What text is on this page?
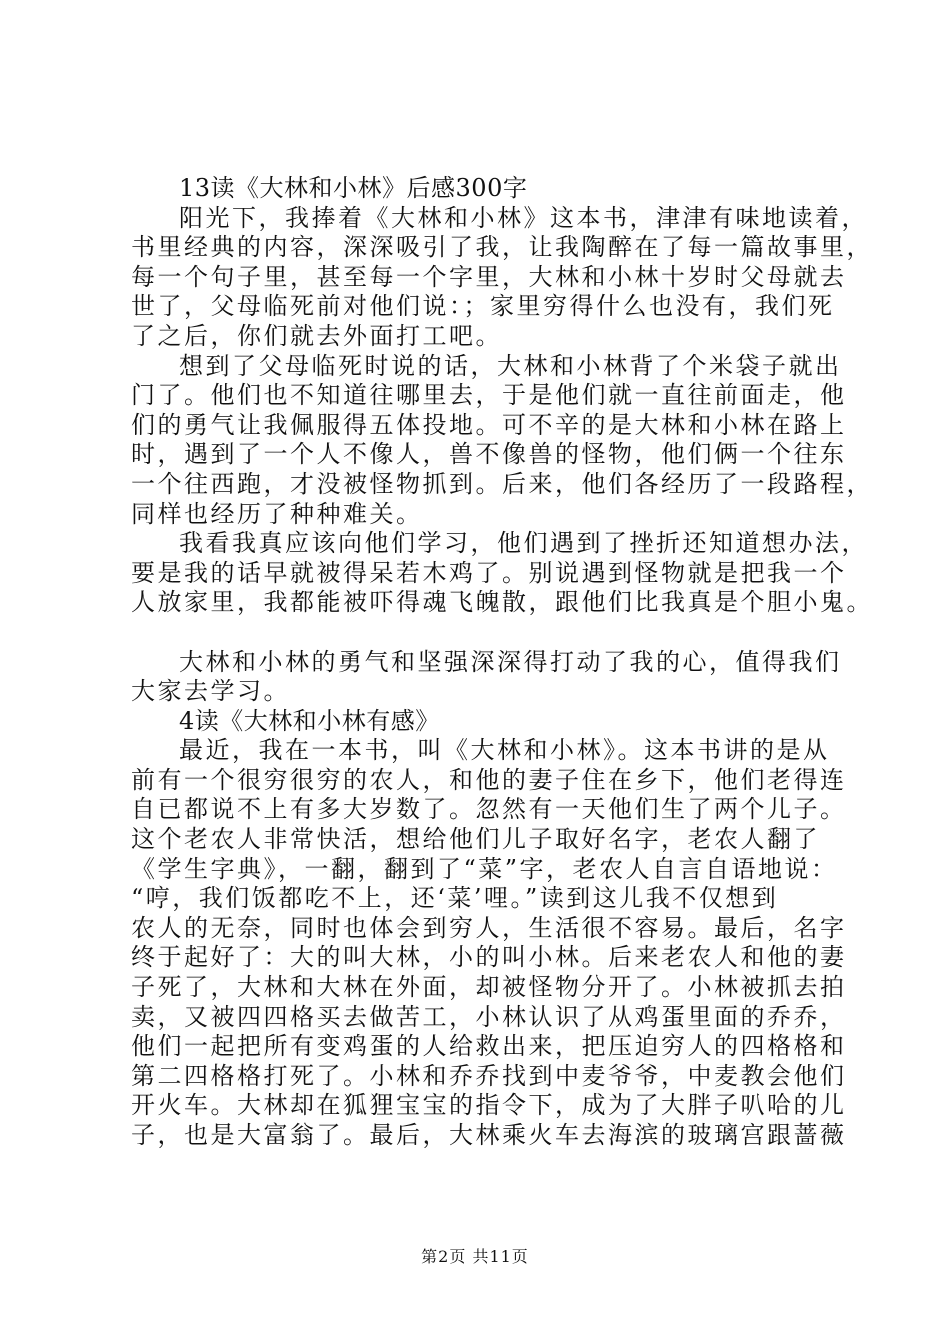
13读《大林和小林》后感300字
阳光下，我捧着《大林和小林》这本书，津津有味地读着，
书里经典的内容，深深吸引了我，让我陶醉在了每一篇故事里，
每一个句子里，甚至每一个字里，大林和小林十岁时父母就去
世了，父母临死前对他们说：；家里穷得什么也没有，我们死
了之后，你们就去外面打工吧。
想到了父母临死时说的话，大林和小林背了个米袋子就出
门了。他们也不知道往哪里去，于是他们就一直往前面走，他
们的勇气让我佩服得五体投地。可不辛的是大林和小林在路上
时，遇到了一个人不像人，兽不像兽的怪物，他们俩一个往东
一个往西跑，才没被怪物抓到。后来，他们各经历了一段路程，
同样也经历了种种难关。
我看我真应该向他们学习，他们遇到了挫折还知道想办法，
要是我的话早就被得呆若木鸡了。别说遇到怪物就是把我一个
人放家里，我都能被吓得魂飞魄散，跟他们比我真是个胆小鬼。
大林和小林的勇气和坚强深深得打动了我的心，值得我们
大家去学习。
4读《大林和小林有感》
最近，我在一本书，叫《大林和小林》。这本书讲的是从
前有一个很穷很穷的农人，和他的妻子住在乡下，他们老得连
自已都说不上有多大岁数了。忽然有一天他们生了两个儿子。
这个老农人非常快活，想给他们儿子取好名字，老农人翻了
《学生字典》，一翻，翻到了“菜”字，老农人自言自语地说：
“哼，我们饭都吃不上，还‘菜’哩。”读到这儿我不仅想到
农人的无奈，同时也体会到穷人，生活很不容易。最后，名字
终于起好了：大的叫大林，小的叫小林。后来老农人和他的妻
子死了，大林和大林在外面，却被怪物分开了。小林被抓去拍
卖，又被四四格买去做苦工，小林认识了从鸡蛋里面的乔乔，
他们一起把所有变鸡蛋的人给救出来，把压迫穷人的四格格和
第二四格格打死了。小林和乔乔找到中麦爷爷，中麦教会他们
开火车。大林却在狐狸宝宝的指令下，成为了大胖子叭哈的儿
子，也是大富翁了。最后，大林乘火车去海滨的玻璃宫跟蔷薇
第2页 共11页
